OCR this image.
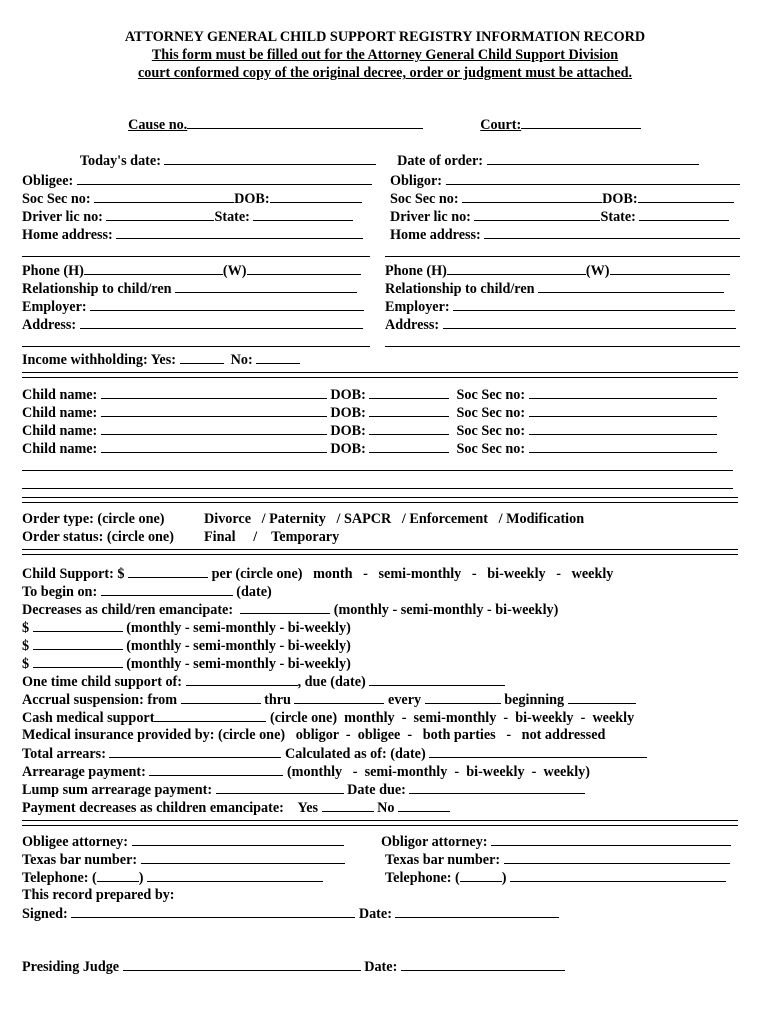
ATTORNEY GENERAL CHILD SUPPORT REGISTRY INFORMATION RECORD
This form must be filled out for the Attorney General Child Support Division
court conformed copy of the original decree, order or judgment must be attached.

Cause no.	Court:

Today's date:	Date of order:

Obligee:
Soc Sec no:	DOB:
Driver lic no:	State:
Home address:
Phone (H)	(W)
Relationship to child/ren
Employer:
Address:
Obligor:
Soc Sec no:	DOB:
Driver lic no:	State:
Home address:
Phone (H)	(W)
Relationship to child/ren
Employer:
Address:
Income withholding: Yes:	No:
Child name:	DOB:	Soc Sec no:
Child name:	DOB:	Soc Sec no:
Child name:	DOB:	Soc Sec no:
Child name:	DOB:	Soc Sec no:
Order type: (circle one)	Divorce   / Paternity   / SAPCR   / Enforcement   / Modification
Order status: (circle one) Final     /    Temporary
Child Support: $	per (circle one)   month   -   semi-monthly   -   bi-weekly   -   weekly
To begin on:	(date)
Decreases as child/ren emancipate:	(monthly - semi-monthly - bi-weekly)
$	(monthly - semi-monthly - bi-weekly)
$	(monthly - semi-monthly - bi-weekly)
$	(monthly - semi-monthly - bi-weekly)
One time child support of:	, due (date)
Accrual suspension: from	thru	every	beginning
Cash medical support	(circle one)  monthly  -  semi-monthly  -  bi-weekly  -  weekly
Medical insurance provided by: (circle one)   obligor  -  obligee  -   both parties   -   not addressed
Total arrears:	Calculated as of: (date)
Arrearage payment:	(monthly   -  semi-monthly  -  bi-weekly  -  weekly)
Lump sum arrearage payment:	Date due:
Payment decreases as children emancipate:    Yes	No
Obligee attorney:	Obligor attorney:
Texas bar number:	Texas bar number:
Telephone: (	)	Telephone: (	)
This record prepared by:
Signed:	Date:
Presiding Judge	Date:
